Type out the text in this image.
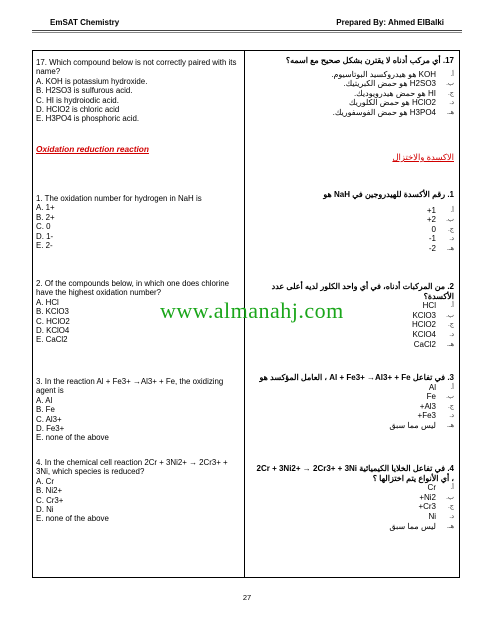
EmSAT Chemistry	Prepared By: Ahmed ElBalki

17. Which compound below is not correctly paired with its name?

A. KOH is potassium hydroxide.

B. H2SO3 is sulfurous acid.

C. HI is hydroiodic acid.

D. HClO2 is chloric acid

E. H3PO4 is phosphoric acid.

Oxidation reduction reaction

1. The oxidation number for hydrogen in NaH is

A. 1+

B. 2+

C. 0

D. 1-

E. 2-

2. Of the compounds below, in which one does chlorine have the highest oxidation number?

A. HCl

B. KClO3

C. HClO2

D. KClO4

E. CaCl2

3. In the reaction Al + Fe3+ →Al3+ + Fe, the oxidizing agent is

A. Al

B. Fe

C. Al3+

D. Fe3+

E. none of the above

4. In the chemical cell reaction 2Cr + 3Ni2+ → 2Cr3+ + 3Ni, which species is reduced?

A. Cr

B. Ni2+

C. Cr3+

D. Ni

E. none of the above

17. أي مركب أدناه لا يقترن بشكل صحيح مع اسمه؟

أ.
KOH هو هيدروكسيد البوتاسيوم.
ب.
H2SO3 هو حمض الكبريتيك.
ج.
HI هو حمض هيدرويوديك.
د.
HClO2 هو حمض الكلوريك
هـ.
H3PO4 هو حمض الفوسفوريك.
الاكسدة والاختزال

1. رقم الأكسدة للهيدروجين في NaH هو

أ.
1+
ب.
2+
ج.
0
د.
1-
هـ.
2-

2. من المركبات أدناه، في أي واحد الكلور لديه أعلى عدد الأكسدة؟

أ.
HCl
ب.
KClO3
ج.
HClO2
د.
KClO4
هـ.
CaCl2

3. في تفاعل Al + Fe3+ →Al3+ + Fe ، العامل المؤكسد هو

أ.
Al
ب.
Fe
ج.
Al3+
د.
Fe3+
هـ.
ليس مما سبق

4. في تفاعل الخلايا الكيميائية 2Cr + 3Ni2+ → 2Cr3+ + 3Ni ، أي الأنواع يتم اختزالها ؟

أ.
Cr
ب.
Ni2+
ج.
Cr3+
د.
Ni
هـ.
ليس مما سبق
www.almanahj.com
27
